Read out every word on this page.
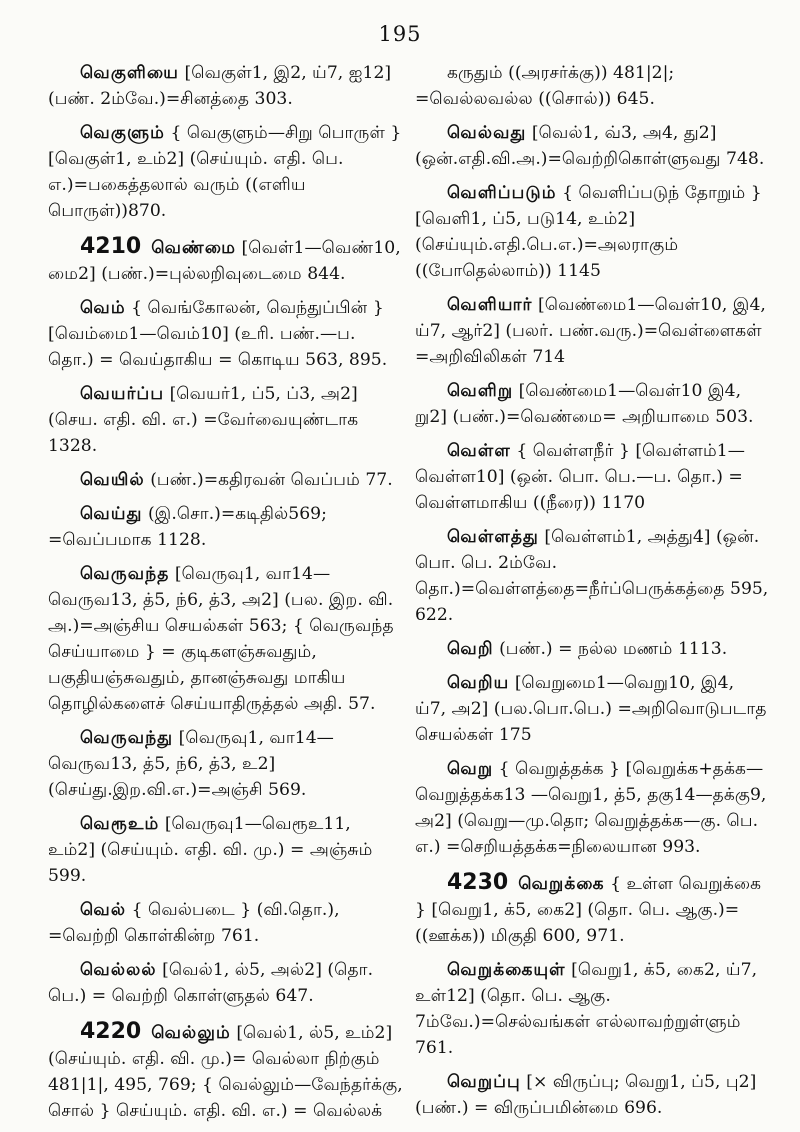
195

வெகுளியை [வெகுள்1, இ2, ய்7, ஐ12] (பண். 2ம்வே.)=சினத்தை 303.

வெகுளும் { வெகுளும்—சிறு பொருள் } [வெகுள்1, உம்2] (செய்யும். எதி. பெ. எ.)=பகைத்தலால் வரும் ((எளிய பொருள்))870.

4210 வெண்மை [வெள்1—வெண்10, மை2] (பண்.)=புல்லறிவுடைமை 844.

வெம் { வெங்கோலன், வெந்துப்பின் } [வெம்மை1—வெம்10] (உரி. பண்.—ப. தொ.) = வெய்தாகிய = கொடிய 563, 895.

வெயர்ப்ப [வெயர்1, ப்5, ப்3, அ2] (செய. எதி. வி. எ.) =வேர்வையுண்டாக 1328.

வெயில் (பண்.)=கதிரவன் வெப்பம் 77.

வெய்து (இ.சொ.)=கடிதில்569; =வெப்பமாக 1128.

வெருவந்த [வெருவு1, வா14—வெருவ13, த்5, ந்6, த்3, அ2] (பல. இற. வி. அ.)=அஞ்சிய செயல்கள் 563; { வெருவந்த செய்யாமை } = குடிகளஞ்சுவதும், பகுதியஞ்சுவதும், தானஞ்சுவது மாகிய தொழில்களைச் செய்யாதிருத்தல் அதி. 57.

வெருவந்து [வெருவு1, வா14—வெருவ13, த்5, ந்6, த்3, உ2] (செய்து.இற.வி.எ.)=அஞ்சி 569.

வெரூஉம் [வெருவு1—வெரூஉ11, உம்2] (செய்யும். எதி. வி. மு.) = அஞ்சும் 599.

வெல் { வெல்படை } (வி.தொ.), =வெற்றி கொள்கின்ற 761.

வெல்லல் [வெல்1, ல்5, அல்2] (தொ. பெ.) = வெற்றி கொள்ளுதல் 647.

4220 வெல்லும் [வெல்1, ல்5, உம்2] (செய்யும். எதி. வி. மு.)= வெல்லா நிற்கும் 481|1|, 495, 769; { வெல்லும்—வேந்தர்க்கு, சொல் } செய்யும். எதி. வி. எ.) = வெல்லக்

கருதும் ((அரசர்க்கு)) 481|2|; =வெல்லவல்ல ((சொல்)) 645.

வெல்வது [வெல்1, வ்3, அ4, து2] (ஒன்.எதி.வி.அ.)=வெற்றிகொள்ளுவது 748.

வெளிப்படும் { வெளிப்படுந் தோறும் } [வெளி1, ப்5, படு14, உம்2] (செய்யும்.எதி.பெ.எ.)=அலராகும் ((போதெல்லாம்)) 1145

வெளியார் [வெண்மை1—வெள்10, இ4, ய்7, ஆர்2] (பலர். பண்.வரு.)=வெள்ளைகள் =அறிவிலிகள் 714

வெளிறு [வெண்மை1—வெள்10 இ4, று2] (பண்.)=வெண்மை= அறியாமை 503.

வெள்ள { வெள்ளநீர் } [வெள்ளம்1—வெள்ள10] (ஒன். பொ. பெ.—ப. தொ.) = வெள்ளமாகிய ((நீரை)) 1170

வெள்ளத்து [வெள்ளம்1, அத்து4] (ஒன். பொ. பெ. 2ம்வே. தொ.)=வெள்ளத்தை=நீர்ப்பெருக்கத்தை 595, 622.

வெறி (பண்.) = நல்ல மணம் 1113.

வெறிய [வெறுமை1—வெறு10, இ4, ய்7, அ2] (பல.பொ.பெ.) =அறிவொடுபடாத செயல்கள் 175

வெறு { வெறுத்தக்க } [வெறுக்க+தக்க—வெறுத்தக்க13 —வெறு1, த்5, தகு14—தக்கு9, அ2] (வெறு—மு.தொ; வெறுத்தக்க—கு. பெ. எ.) =செறியத்தக்க=நிலையான 993.

4230 வெறுக்கை { உள்ள வெறுக்கை } [வெறு1, க்5, கை2] (தொ. பெ. ஆகு.)=((ஊக்க)) மிகுதி 600, 971.

வெறுக்கையுள் [வெறு1, க்5, கை2, ய்7, உள்12] (தொ. பெ. ஆகு. 7ம்வே.)=செல்வங்கள் எல்லாவற்றுள்ளும் 761.

வெறுப்பு [× விருப்பு; வெறு1, ப்5, பு2] (பண்.) = விருப்பமின்மை 696.
